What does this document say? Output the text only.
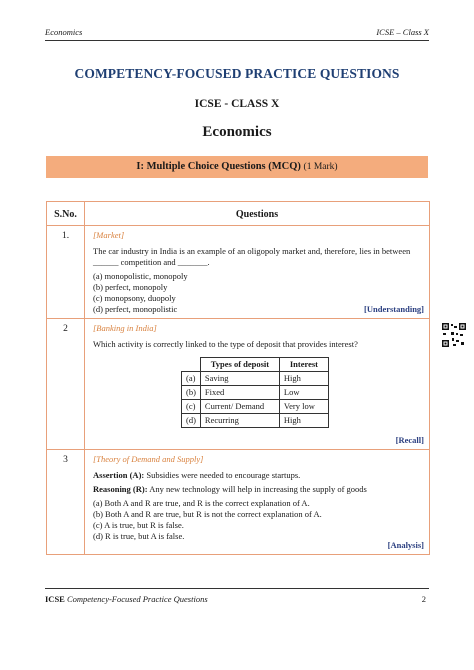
Economics	ICSE – Class X
COMPETENCY-FOCUSED PRACTICE QUESTIONS
ICSE - CLASS X
Economics
I: Multiple Choice Questions (MCQ) (1 Mark)
S.No.	Questions
1.	[Market]
The car industry in India is an example of an oligopoly market and, therefore, lies in between ______ competition and _______.
(a) monopolistic, monopoly
(b) perfect, monopoly
(c) monopsony, duopoly
(d) perfect, monopolistic	[Understanding]
2	[Banking in India]
Which activity is correctly linked to the type of deposit that provides interest?
	Types of deposit	Interest
(a)	Saving	High
(b)	Fixed	Low
(c)	Current/ Demand	Very low
(d)	Recurring	High
[Recall]
3	[Theory of Demand and Supply]
Assertion (A): Subsidies were needed to encourage startups.
Reasoning (R): Any new technology will help in increasing the supply of goods
(a) Both A and R are true, and R is the correct explanation of A.
(b) Both A and R are true, but R is not the correct explanation of A.
(c) A is true, but R is false.
(d) R is true, but A is false.
[Analysis]
ICSE Competency-Focused Practice Questions	2
